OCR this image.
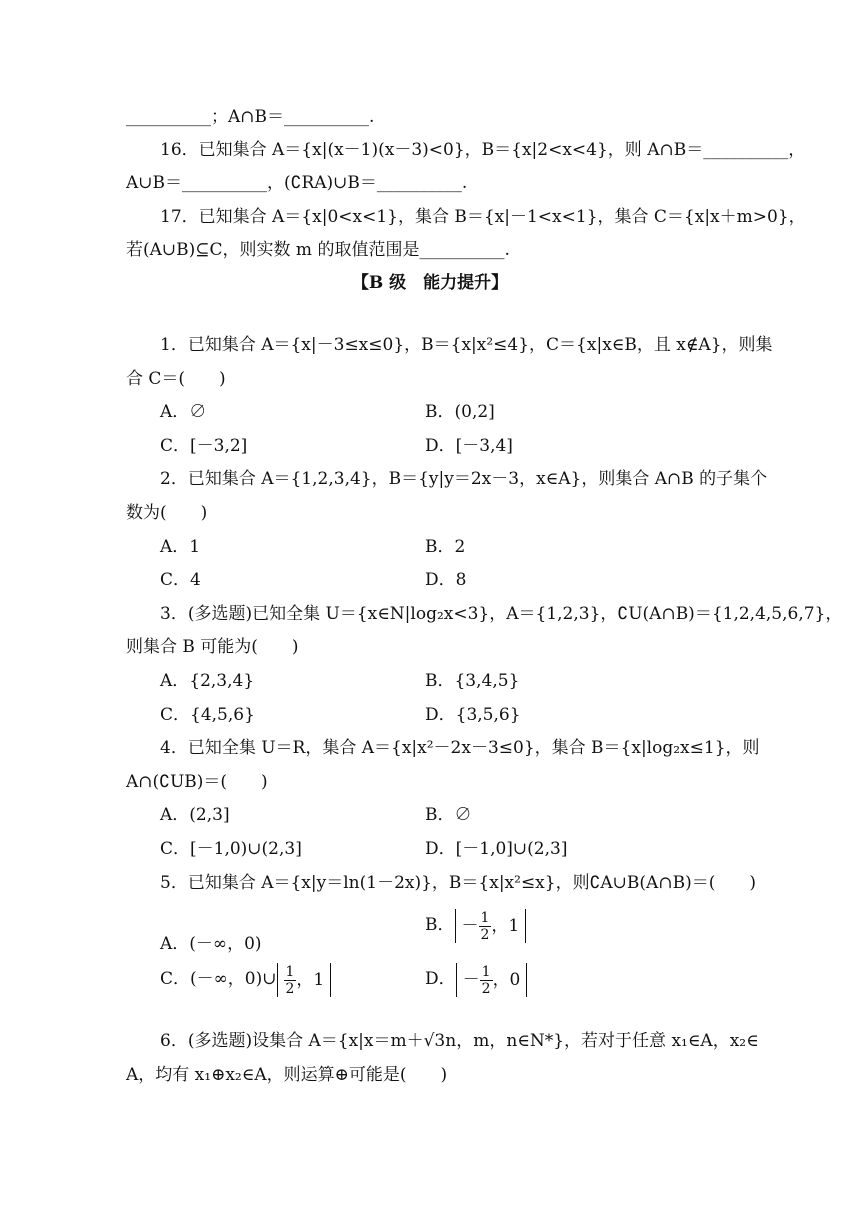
__________；A∩B＝__________.
16．已知集合 A＝{x|(x－1)(x－3)<0}，B＝{x|2<x<4}，则 A∩B＝__________，
A∪B＝__________，(∁RA)∪B＝__________.
17．已知集合 A＝{x|0<x<1}，集合 B＝{x|－1<x<1}，集合 C＝{x|x＋m>0}，
若(A∪B)⊆C，则实数 m 的取值范围是__________.
【B 级　能力提升】
1．已知集合 A＝{x|－3≤x≤0}，B＝{x|x²≤4}，C＝{x|x∈B，且 x∉A}，则集
合 C＝(　　)
A．∅	B．(0,2]
C．[－3,2]	D．[－3,4]
2．已知集合 A＝{1,2,3,4}，B＝{y|y＝2x－3，x∈A}，则集合 A∩B 的子集个
数为(　　)
A．1	B．2
C．4	D．8
3．(多选题)已知全集 U＝{x∈N|log₂x<3}，A＝{1,2,3}，∁U(A∩B)＝{1,2,4,5,6,7}，
则集合 B 可能为(　　)
A．{2,3,4}	B．{3,4,5}
C．{4,5,6}	D．{3,5,6}
4．已知全集 U＝R，集合 A＝{x|x²－2x－3≤0}，集合 B＝{x|log₂x≤1}，则
A∩(∁UB)＝(　　)
A．(2,3]	B．∅
C．[－1,0)∪(2,3]	D．[－1,0]∪(2,3]
5．已知集合 A＝{x|y＝ln(1－2x)}，B＝{x|x²≤x}，则∁A∪B(A∩B)＝(　　)
A．(－∞，0)
B． － $\frac{1}{2}$ ，1
C．(－∞，0)∪ $\frac{1}{2}$ ，1	D． － $\frac{1}{2}$ ，0
6．(多选题)设集合 A＝{x|x＝m＋√3n，m，n∈N*}，若对于任意 x₁∈A，x₂∈
A，均有 x₁⊕x₂∈A，则运算⊕可能是(　　)
